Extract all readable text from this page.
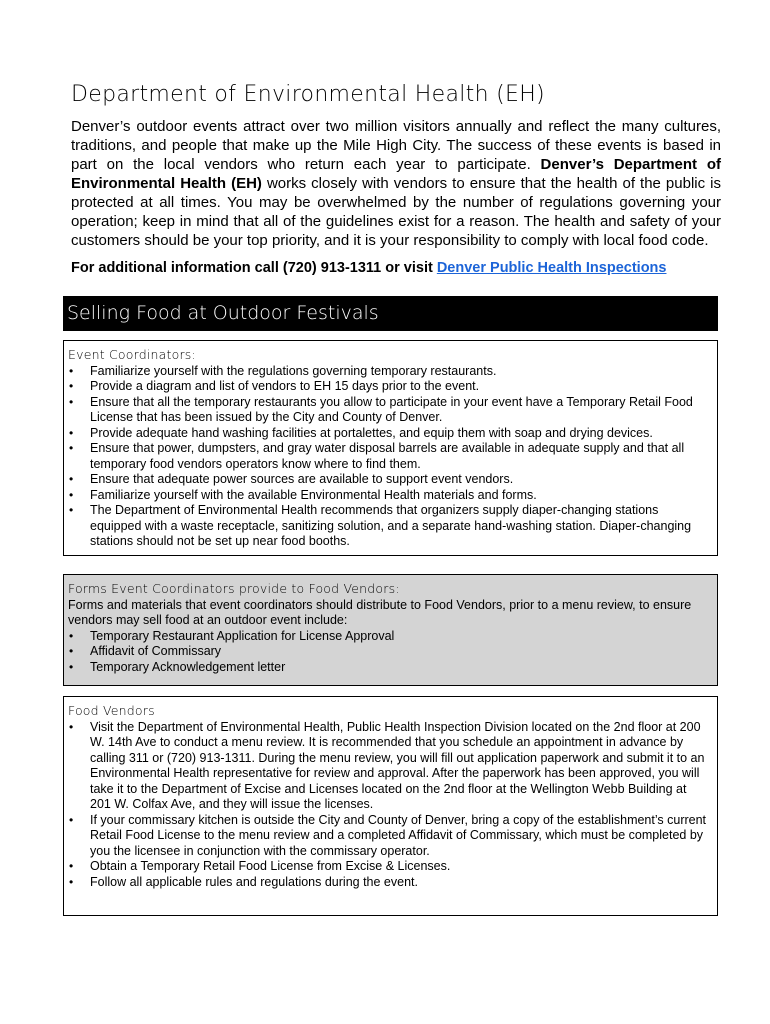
Department of Environmental Health (EH)

Denver’s outdoor events attract over two million visitors annually and reflect the many cultures, traditions, and people that make up the Mile High City. The success of these events is based in part on the local vendors who return each year to participate. Denver’s Department of Environmental Health (EH) works closely with vendors to ensure that the health of the public is protected at all times. You may be overwhelmed by the number of regulations governing your operation; keep in mind that all of the guidelines exist for a reason. The health and safety of your customers should be your top priority, and it is your responsibility to comply with local food code.

For additional information call (720) 913-1311 or visit Denver Public Health Inspections

Selling Food at Outdoor Festivals
Event Coordinators:
• Familiarize yourself with the regulations governing temporary restaurants.
• Provide a diagram and list of vendors to EH 15 days prior to the event.
• Ensure that all the temporary restaurants you allow to participate in your event have a Temporary Retail Food License that has been issued by the City and County of Denver.
• Provide adequate hand washing facilities at portalettes, and equip them with soap and drying devices.
• Ensure that power, dumpsters, and gray water disposal barrels are available in adequate supply and that all temporary food vendors operators know where to find them.
• Ensure that adequate power sources are available to support event vendors.
• Familiarize yourself with the available Environmental Health materials and forms.
• The Department of Environmental Health recommends that organizers supply diaper-changing stations equipped with a waste receptacle, sanitizing solution, and a separate hand-washing station. Diaper-changing stations should not be set up near food booths.
Forms Event Coordinators provide to Food Vendors:

Forms and materials that event coordinators should distribute to Food Vendors, prior to a menu review, to ensure vendors may sell food at an outdoor event include:

• Temporary Restaurant Application for License Approval
• Affidavit of Commissary
• Temporary Acknowledgement letter
Food Vendors
• Visit the Department of Environmental Health, Public Health Inspection Division located on the 2nd floor at 200 W. 14th Ave to conduct a menu review. It is recommended that you schedule an appointment in advance by calling 311 or (720) 913-1311. During the menu review, you will fill out application paperwork and submit it to an Environmental Health representative for review and approval. After the paperwork has been approved, you will take it to the Department of Excise and Licenses located on the 2nd floor at the Wellington Webb Building at 201 W. Colfax Ave, and they will issue the licenses.
• If your commissary kitchen is outside the City and County of Denver, bring a copy of the establishment’s current Retail Food License to the menu review and a completed Affidavit of Commissary, which must be completed by you the licensee in conjunction with the commissary operator.
• Obtain a Temporary Retail Food License from Excise & Licenses.
• Follow all applicable rules and regulations during the event.
